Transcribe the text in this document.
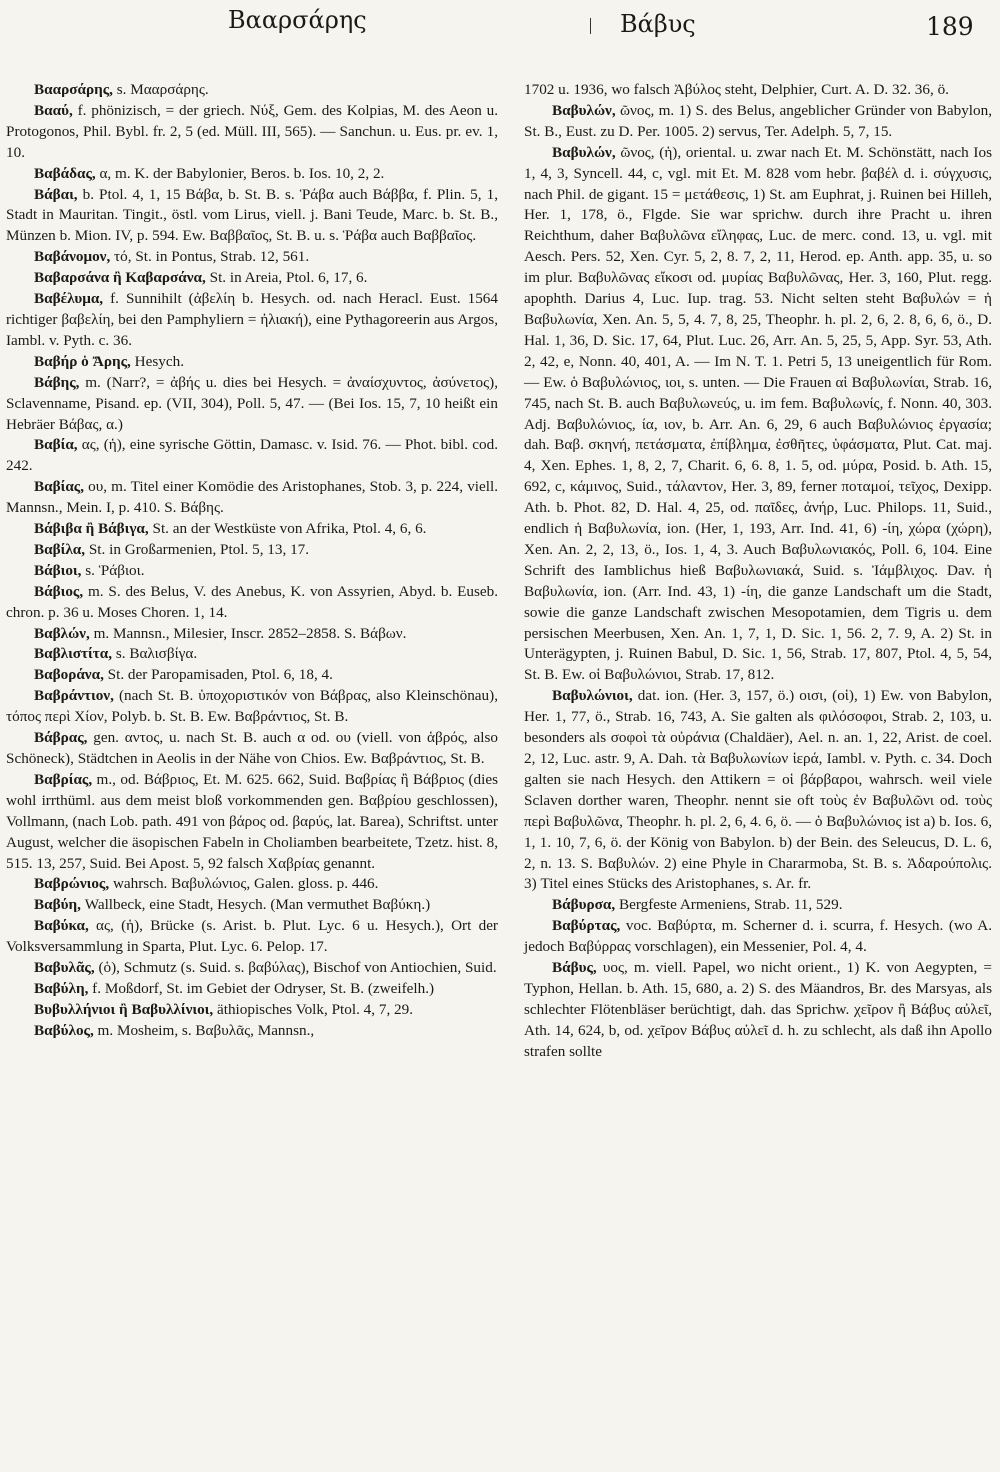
Βααρσάρης	Βάβυς	189

Βααρσάρης, s. Μααρσάρης.

Βααύ, f. phönizisch, = der griech. Νύξ, Gem. des Kolpias, M. des Aeon u. Protogonos, Phil. Bybl. fr. 2, 5 (ed. Müll. III, 565). — Sanchun. u. Eus. pr. ev. 1, 10.

Βαβάδας, α, m. K. der Babylonier, Beros. b. Ios. 10, 2, 2.

Βάβαι, b. Ptol. 4, 1, 15 Βάβα, b. St. B. s. Ῥάβα auch Βάββα, f. Plin. 5, 1, Stadt in Mauritan. Tingit., östl. vom Lirus, viell. j. Bani Teude, Marc. b. St. B., Münzen b. Mion. IV, p. 594. Ew. Βαββαῖος, St. B. u. s. Ῥάβα auch Βαββαῖος.

Βαβάνομον, τό, St. in Pontus, Strab. 12, 561.

Βαβαρσάνα ἢ Καβαρσάνα, St. in Areia, Ptol. 6, 17, 6.

Βαβέλυμα, f. Sunnihilt (ἀβελίη b. Hesych. od. nach Heracl. Eust. 1564 richtiger βαβελίη, bei den Pamphyliern = ἠλιακή), eine Pythagoreerin aus Argos, Iambl. v. Pyth. c. 36.

Βαβήρ ὁ Ἄρης, Hesych.

Βάβης, m. (Narr?, = ἀβής u. dies bei Hesych. = ἀναίσχυντος, ἀσύνετος), Sclavenname, Pisand. ep. (VII, 304), Poll. 5, 47. — (Bei Ios. 15, 7, 10 heißt ein Hebräer Βάβας, α.)

Βαβία, ας, (ἡ), eine syrische Göttin, Damasc. v. Isid. 76. — Phot. bibl. cod. 242.

Βαβίας, ου, m. Titel einer Komödie des Aristophanes, Stob. 3, p. 224, viell. Mannsn., Mein. I, p. 410. S. Βάβης.

Βάβιβα ἢ Βάβιγα, St. an der Westküste von Afrika, Ptol. 4, 6, 6.

Βαβίλα, St. in Großarmenien, Ptol. 5, 13, 17.

Βάβιοι, s. Ῥάβιοι.

Βάβιος, m. S. des Belus, V. des Anebus, K. von Assyrien, Abyd. b. Euseb. chron. p. 36 u. Moses Choren. 1, 14.

Βαβλών, m. Mannsn., Milesier, Inscr. 2852–2858. S. Βάβων.

Βαβλιστίτα, s. Βαλισβίγα.

Βαβοράνα, St. der Paropamisaden, Ptol. 6, 18, 4.

Βαβράντιον, (nach St. B. ὑποχοριστικόν von Βάβρας, also Kleinschönau), τόπος περὶ Χίον, Polyb. b. St. B. Ew. Βαβράντιος, St. B.

Βάβρας, gen. αντος, u. nach St. B. auch α od. ου (viell. von ἁβρός, also Schöneck), Städtchen in Aeolis in der Nähe von Chios. Ew. Βαβράντιος, St. B.

Βαβρίας, m., od. Βάβριος, Et. M. 625. 662, Suid. Βαβρίας ἢ Βάβριος (dies wohl irrthüml. aus dem meist bloß vorkommenden gen. Βαβρίου geschlossen), Vollmann, (nach Lob. path. 491 von βάρος od. βαρύς, lat. Barea), Schriftst. unter August, welcher die äsopischen Fabeln in Choliamben bearbeitete, Tzetz. hist. 8, 515. 13, 257, Suid. Bei Apost. 5, 92 falsch Χαβρίας genannt.

Βαβρώνιος, wahrsch. Βαβυλώνιος, Galen. gloss. p. 446.

Βαβύη, Wallbeck, eine Stadt, Hesych. (Man vermuthet Βαβύκη.)

Βαβύκα, ας, (ἡ), Brücke (s. Arist. b. Plut. Lyc. 6 u. Hesych.), Ort der Volksversammlung in Sparta, Plut. Lyc. 6. Pelop. 17.

Βαβυλᾶς, (ὁ), Schmutz (s. Suid. s. βαβύλας), Bischof von Antiochien, Suid.

Βαβύλη, f. Moßdorf, St. im Gebiet der Odryser, St. B. (zweifelh.)

Βυβυλλήνιοι ἢ Βαβυλλίνιοι, äthiopisches Volk, Ptol. 4, 7, 29.

Βαβύλος, m. Mosheim, s. Βαβυλᾶς, Mannsn.,

1702 u. 1936, wo falsch Ἀβύλος steht, Delphier, Curt. A. D. 32. 36, ö.

Βαβυλών, ῶνος, m. 1) S. des Belus, angeblicher Gründer von Babylon, St. B., Eust. zu D. Per. 1005. 2) servus, Ter. Adelph. 5, 7, 15.

Βαβυλών, ῶνος, (ἡ), oriental. u. zwar nach Et. M. Schönstätt, nach Ios 1, 4, 3, Syncell. 44, c, vgl. mit Et. M. 828 vom hebr. βαβέλ d. i. σύγχυσις, nach Phil. de gigant. 15 = μετάθεσις, 1) St. am Euphrat, j. Ruinen bei Hilleh, Her. 1, 178, ö., Flgde. Sie war sprichw. durch ihre Pracht u. ihren Reichthum, daher Βαβυλῶνα εἴληφας, Luc. de merc. cond. 13, u. vgl. mit Aesch. Pers. 52, Xen. Cyr. 5, 2, 8. 7, 2, 11, Herod. ep. Anth. app. 35, u. so im plur. Βαβυλῶνας εἴκοσι od. μυρίας Βαβυλῶνας, Her. 3, 160, Plut. regg. apophth. Darius 4, Luc. Iup. trag. 53. Nicht selten steht Βαβυλών = ἡ Βαβυλωνία, Xen. An. 5, 5, 4. 7, 8, 25, Theophr. h. pl. 2, 6, 2. 8, 6, 6, ö., D. Hal. 1, 36, D. Sic. 17, 64, Plut. Luc. 26, Arr. An. 5, 25, 5, App. Syr. 53, Ath. 2, 42, e, Nonn. 40, 401, A. — Im N. T. 1. Petri 5, 13 uneigentlich für Rom. — Ew. ὁ Βαβυλώνιος, ιοι, s. unten. — Die Frauen αἱ Βαβυλωνίαι, Strab. 16, 745, nach St. B. auch Βαβυλωνεύς, u. im fem. Βαβυλωνίς, f. Nonn. 40, 303. Adj. Βαβυλώνιος, ία, ιον, b. Arr. An. 6, 29, 6 auch Βαβυλώνιος ἐργασία; dah. Βαβ. σκηνή, πετάσματα, ἐπίβλημα, ἐσθῆτες, ὑφάσματα, Plut. Cat. maj. 4, Xen. Ephes. 1, 8, 2, 7, Charit. 6, 6. 8, 1. 5, od. μύρα, Posid. b. Ath. 15, 692, c, κάμινος, Suid., τάλαντον, Her. 3, 89, ferner ποταμοί, τεῖχος, Dexipp. Ath. b. Phot. 82, D. Hal. 4, 25, od. παῖδες, ἀνήρ, Luc. Philops. 11, Suid., endlich ἡ Βαβυλωνία, ion. (Her, 1, 193, Arr. Ind. 41, 6) -ίη, χώρα (χώρη), Xen. An. 2, 2, 13, ö., Ios. 1, 4, 3. Auch Βαβυλωνιακός, Poll. 6, 104. Eine Schrift des Iamblichus hieß Βαβυλωνιακά, Suid. s. Ἰάμβλιχος. Dav. ἡ Βαβυλωνία, ion. (Arr. Ind. 43, 1) -ίη, die ganze Landschaft um die Stadt, sowie die ganze Landschaft zwischen Mesopotamien, dem Tigris u. dem persischen Meerbusen, Xen. An. 1, 7, 1, D. Sic. 1, 56. 2, 7. 9, A. 2) St. in Unterägypten, j. Ruinen Babul, D. Sic. 1, 56, Strab. 17, 807, Ptol. 4, 5, 54, St. B. Ew. οἱ Βαβυλώνιοι, Strab. 17, 812.

Βαβυλώνιοι, dat. ion. (Her. 3, 157, ö.) οισι, (οἱ), 1) Ew. von Babylon, Her. 1, 77, ö., Strab. 16, 743, A. Sie galten als φιλόσοφοι, Strab. 2, 103, u. besonders als σοφοὶ τὰ οὐράνια (Chaldäer), Ael. n. an. 1, 22, Arist. de coel. 2, 12, Luc. astr. 9, A. Dah. τὰ Βαβυλωνίων ἱερά, Iambl. v. Pyth. c. 34. Doch galten sie nach Hesych. den Attikern = οἱ βάρβαροι, wahrsch. weil viele Sclaven dorther waren, Theophr. nennt sie oft τοὺς ἐν Βαβυλῶνι od. τοὺς περὶ Βαβυλῶνα, Theophr. h. pl. 2, 6, 4. 6, ö. — ὁ Βαβυλώνιος ist a) b. Ios. 6, 1, 1. 10, 7, 6, ö. der König von Babylon. b) der Bein. des Seleucus, D. L. 6, 2, n. 13. S. Βαβυλών. 2) eine Phyle in Chararmoba, St. B. s. Ἀδαρούπολις. 3) Titel eines Stücks des Aristophanes, s. Ar. fr.

Βάβυρσα, Bergfeste Armeniens, Strab. 11, 529.

Βαβύρτας, voc. Βαβύρτα, m. Scherner d. i. scurra, f. Hesych. (wo A. jedoch Βαβύρρας vorschlagen), ein Messenier, Pol. 4, 4.

Βάβυς, υος, m. viell. Papel, wo nicht orient., 1) K. von Aegypten, = Typhon, Hellan. b. Ath. 15, 680, a. 2) S. des Mäandros, Br. des Marsyas, als schlechter Flötenbläser berüchtigt, dah. das Sprichw. χεῖρον ἢ Βάβυς αὐλεῖ, Ath. 14, 624, b, od. χεῖρον Βάβυς αὐλεῖ d. h. zu schlecht, als daß ihn Apollo strafen sollte
